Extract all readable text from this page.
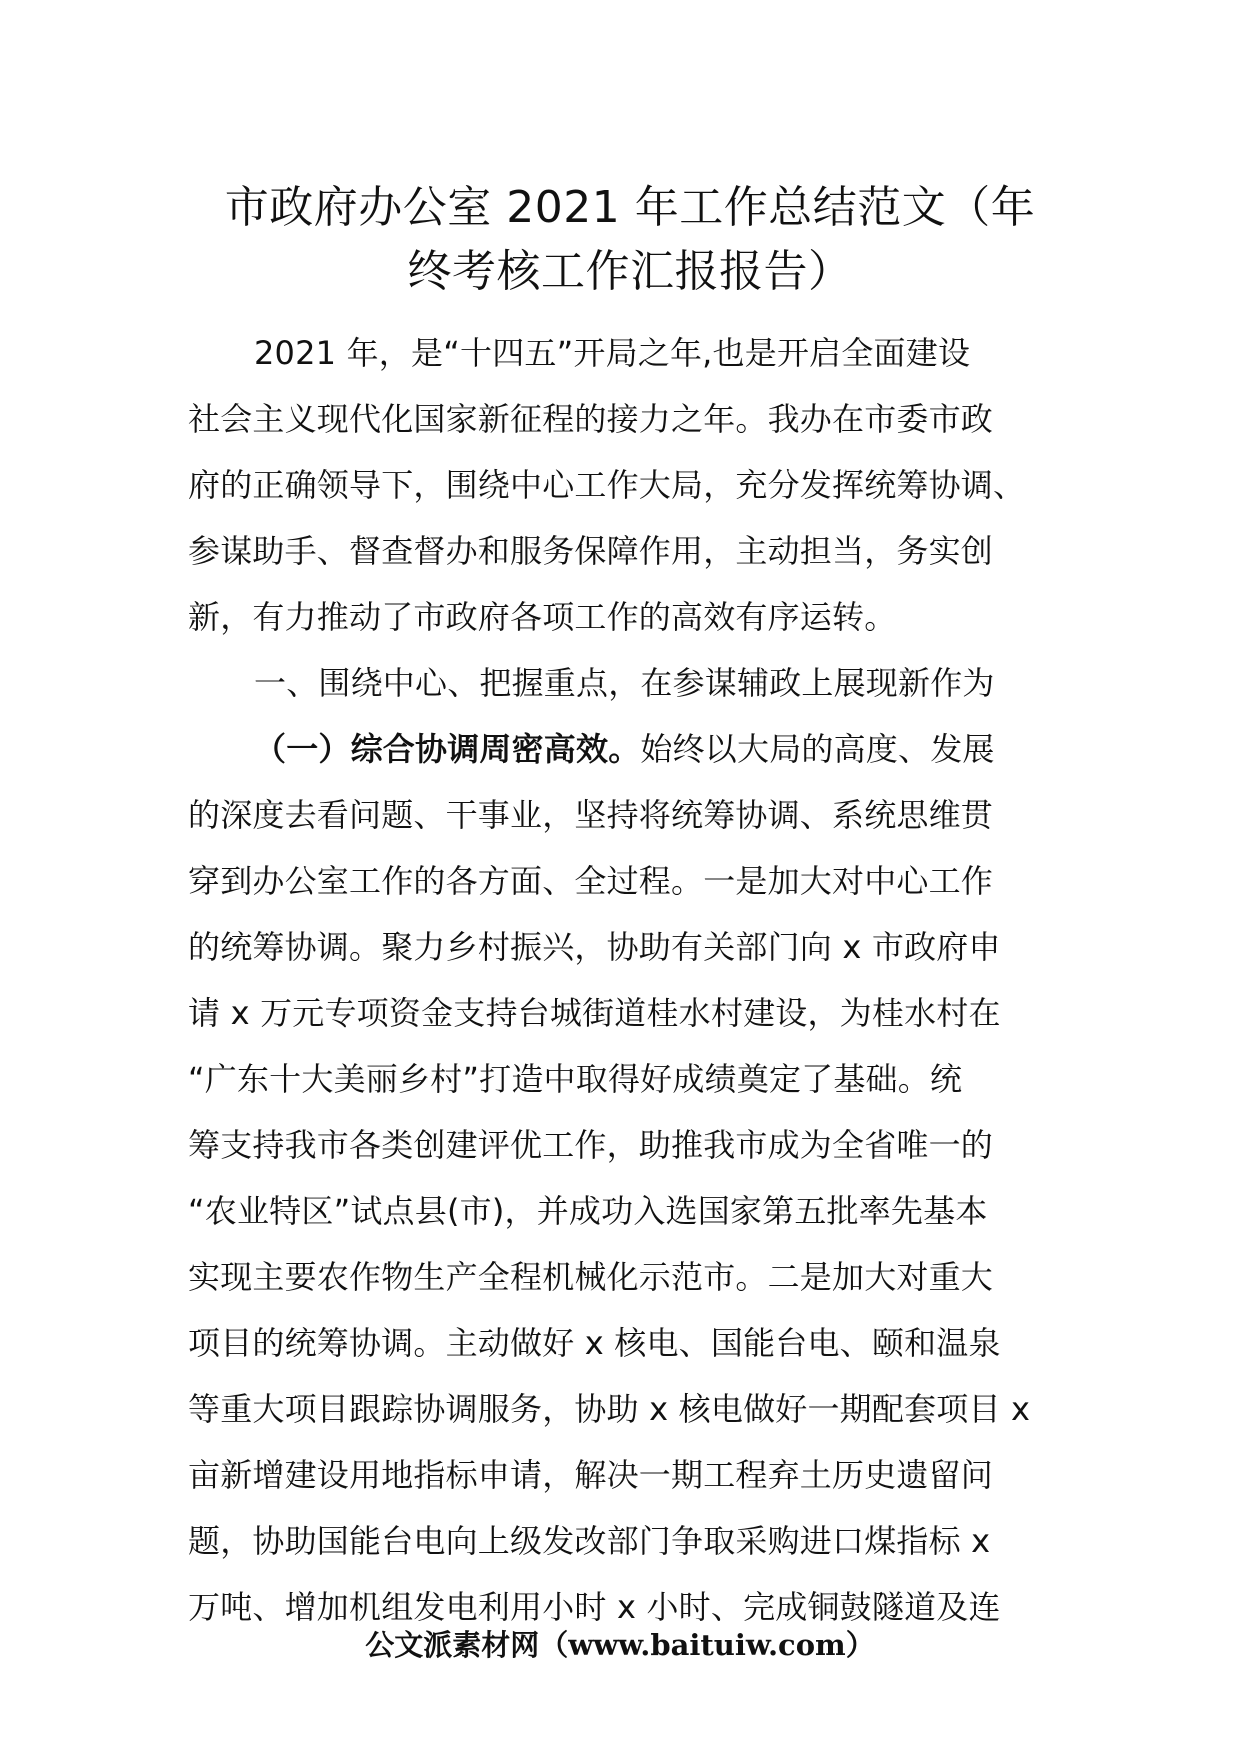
市政府办公室 2021 年工作总结范文（年
终考核工作汇报报告）
2021 年，是“十四五”开局之年,也是开启全面建设
社会主义现代化国家新征程的接力之年。我办在市委市政
府的正确领导下，围绕中心工作大局，充分发挥统筹协调、
参谋助手、督查督办和服务保障作用，主动担当，务实创
新，有力推动了市政府各项工作的高效有序运转。
一、围绕中心、把握重点，在参谋辅政上展现新作为
（一）综合协调周密高效。始终以大局的高度、发展
的深度去看问题、干事业，坚持将统筹协调、系统思维贯
穿到办公室工作的各方面、全过程。一是加大对中心工作
的统筹协调。聚力乡村振兴，协助有关部门向 x 市政府申
请 x 万元专项资金支持台城街道桂水村建设，为桂水村在
“广东十大美丽乡村”打造中取得好成绩奠定了基础。统
筹支持我市各类创建评优工作，助推我市成为全省唯一的
“农业特区”试点县(市)，并成功入选国家第五批率先基本
实现主要农作物生产全程机械化示范市。二是加大对重大
项目的统筹协调。主动做好 x 核电、国能台电、颐和温泉
等重大项目跟踪协调服务，协助 x 核电做好一期配套项目 x
亩新增建设用地指标申请，解决一期工程弃土历史遗留问
题，协助国能台电向上级发改部门争取采购进口煤指标 x
万吨、增加机组发电利用小时 x 小时、完成铜鼓隧道及连
公文派素材网（www.baituiw.com）
